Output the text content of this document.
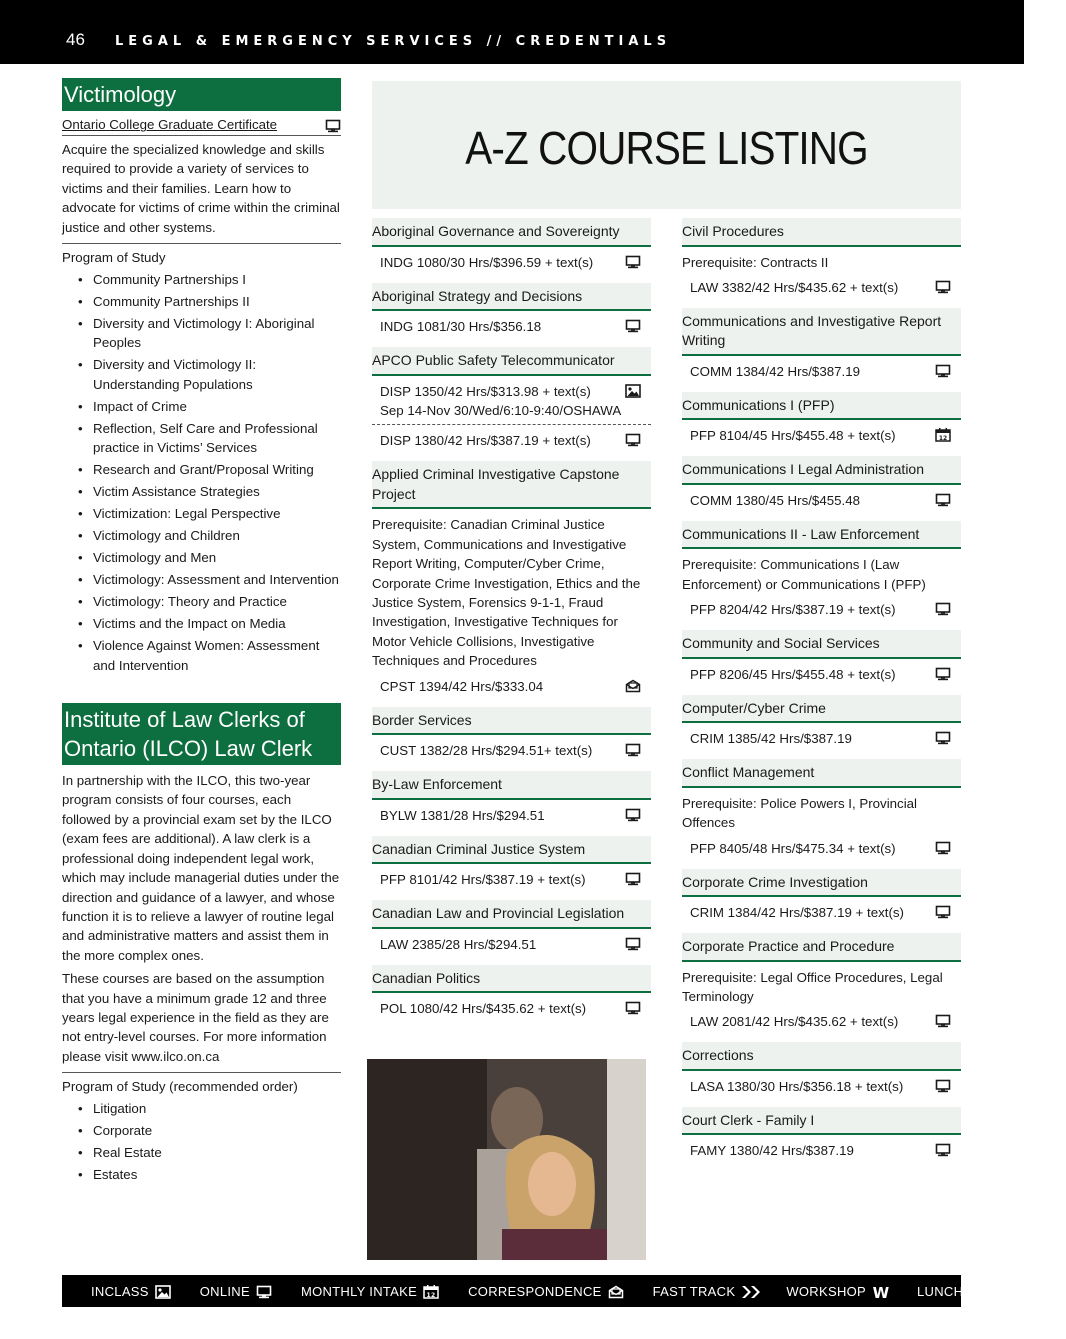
46 LEGAL & EMERGENCY SERVICES // CREDENTIALS
Victimology
Ontario College Graduate Certificate

Acquire the specialized knowledge and skills required to provide a variety of services to victims and their families. Learn how to advocate for victims of crime within the criminal justice and other systems.

Program of Study
• Community Partnerships I
• Community Partnerships II
• Diversity and Victimology I: Aboriginal Peoples
• Diversity and Victimology II: Understanding Populations
• Impact of Crime
• Reflection, Self Care and Professional practice in Victims’ Services
• Research and Grant/Proposal Writing
• Victim Assistance Strategies
• Victimization: Legal Perspective
• Victimology and Children
• Victimology and Men
• Victimology: Assessment and Intervention
• Victimology: Theory and Practice
• Victims and the Impact on Media
• Violence Against Women: Assessment and Intervention
Institute of Law Clerks of Ontario (ILCO) Law Clerk

In partnership with the ILCO, this two-year program consists of four courses, each followed by a provincial exam set by the ILCO (exam fees are additional). A law clerk is a professional doing independent legal work, which may include managerial duties under the direction and guidance of a lawyer, and whose function it is to relieve a lawyer of routine legal and administrative matters and assist them in the more complex ones.

These courses are based on the assumption that you have a minimum grade 12 and three years legal experience in the field as they are not entry-level courses. For more information please visit www.ilco.on.ca

Program of Study (recommended order)
• Litigation
• Corporate
• Real Estate
• Estates
A-Z COURSE LISTING
Aboriginal Governance and Sovereignty
INDG 1080/30 Hrs/$396.59 + text(s)
Aboriginal Strategy and Decisions
INDG 1081/30 Hrs/$356.18
APCO Public Safety Telecommunicator
DISP 1350/42 Hrs/$313.98 + text(s)
Sep 14-Nov 30/Wed/6:10-9:40/OSHAWA
DISP 1380/42 Hrs/$387.19 + text(s)
Applied Criminal Investigative Capstone Project
Prerequisite: Canadian Criminal Justice System, Communications and Investigative Report Writing, Computer/Cyber Crime, Corporate Crime Investigation, Ethics and the Justice System, Forensics 9-1-1, Fraud Investigation, Investigative Techniques for Motor Vehicle Collisions, Investigative Techniques and Procedures
CPST 1394/42 Hrs/$333.04
Border Services
CUST 1382/28 Hrs/$294.51+ text(s)
By-Law Enforcement
BYLW 1381/28 Hrs/$294.51
Canadian Criminal Justice System
PFP 8101/42 Hrs/$387.19 + text(s)
Canadian Law and Provincial Legislation
LAW 2385/28 Hrs/$294.51
Canadian Politics
POL 1080/42 Hrs/$435.62 + text(s)
Civil Procedures
Prerequisite: Contracts II
LAW 3382/42 Hrs/$435.62 + text(s)
Communications and Investigative Report Writing
COMM 1384/42 Hrs/$387.19
Communications I (PFP)
PFP 8104/45 Hrs/$455.48 + text(s)	12
Communications I Legal Administration
COMM 1380/45 Hrs/$455.48
Communications II - Law Enforcement
Prerequisite: Communications I (Law Enforcement) or Communications I (PFP)
PFP 8204/42 Hrs/$387.19 + text(s)
Community and Social Services
PFP 8206/45 Hrs/$455.48 + text(s)
Computer/Cyber Crime
CRIM 1385/42 Hrs/$387.19
Conflict Management
Prerequisite: Police Powers I, Provincial Offences
PFP 8405/48 Hrs/$475.34 + text(s)
Corporate Crime Investigation
CRIM 1384/42 Hrs/$387.19 + text(s)
Corporate Practice and Procedure
Prerequisite: Legal Office Procedures, Legal Terminology
LAW 2081/42 Hrs/$435.62 + text(s)
Corrections
LASA 1380/30 Hrs/$356.18 + text(s)
Court Clerk - Family I
FAMY 1380/42 Hrs/$387.19
INCLASS	ONLINE	MONTHLY INTAKE 12	CORRESPONDENCE	FAST TRACK	WORKSHOP W LUNCH AND LEARN
